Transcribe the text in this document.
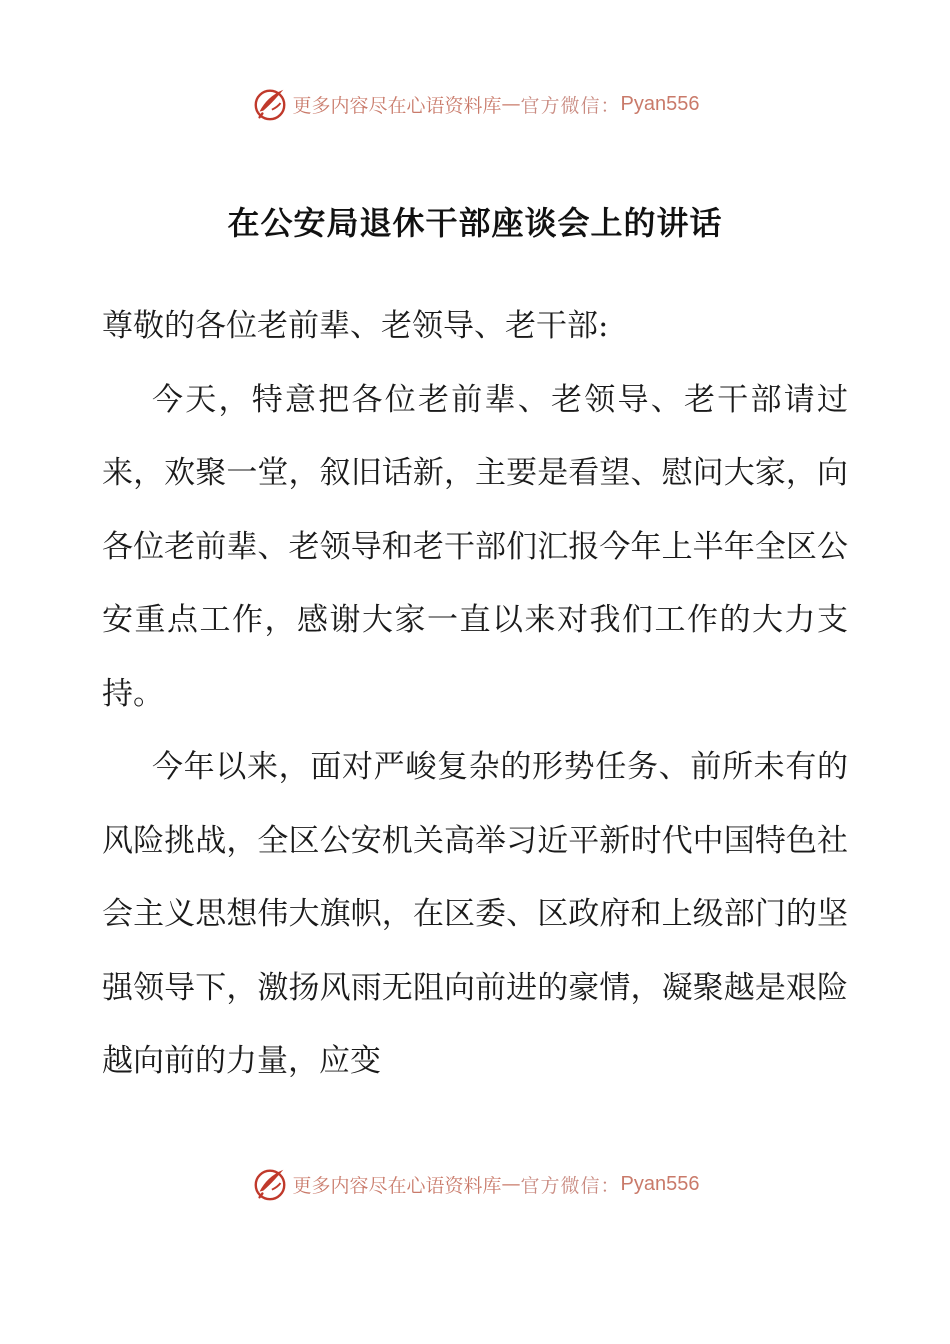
更多内容尽在心语资料库 — 官方微信： Pyan556
在公安局退休干部座谈会上的讲话

尊敬的各位老前辈、老领导、老干部:

今天，特意把各位老前辈、老领导、老干部请过来，欢聚一堂，叙旧话新，主要是看望、慰问大家，向各位老前辈、老领导和老干部们汇报今年上半年全区公安重点工作，感谢大家一直以来对我们工作的大力支持。

今年以来，面对严峻复杂的形势任务、前所未有的风险挑战，全区公安机关高举习近平新时代中国特色社会主义思想伟大旗帜，在区委、区政府和上级部门的坚强领导下，激扬风雨无阻向前进的豪情，凝聚越是艰险越向前的力量，应变

更多内容尽在心语资料库 — 官方微信： Pyan556
